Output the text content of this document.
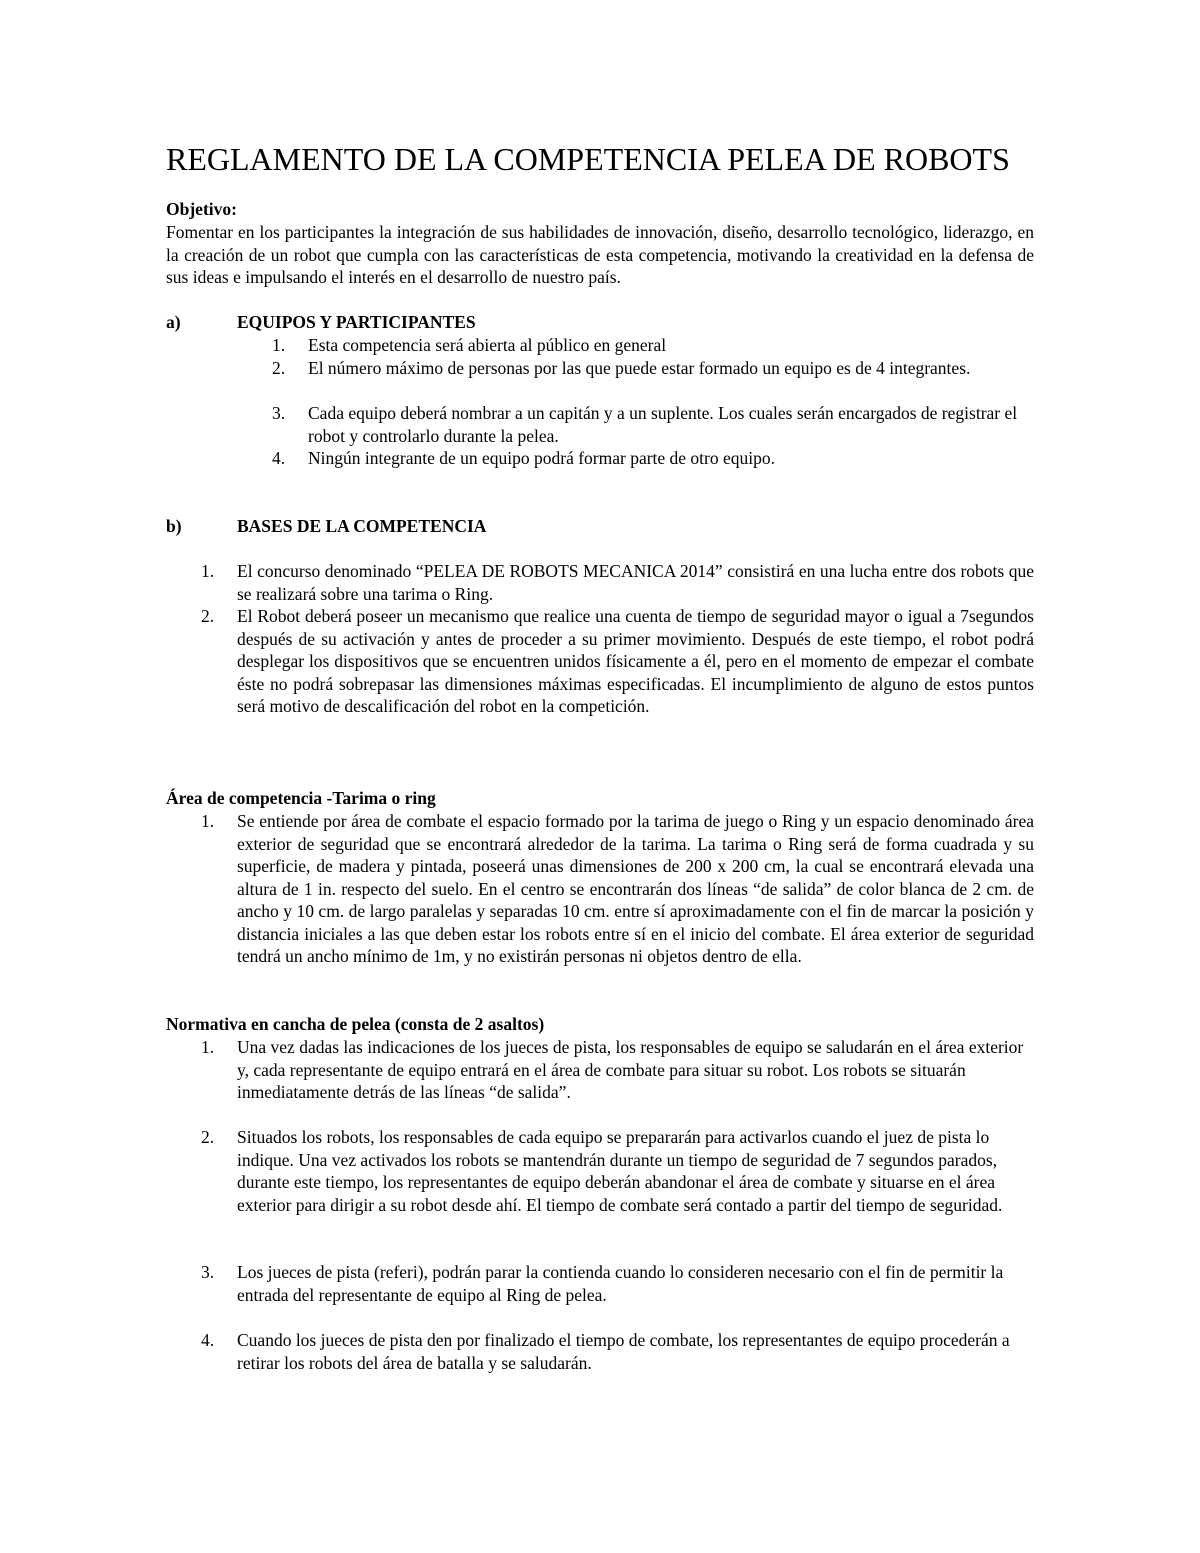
REGLAMENTO DE LA COMPETENCIA PELEA DE ROBOTS
Objetivo:

Fomentar en los participantes la integración de sus habilidades de innovación, diseño, desarrollo tecnológico, liderazgo, en la creación de un robot que cumpla con las características de esta competencia, motivando la creatividad en la defensa de sus ideas e impulsando el interés en el desarrollo de nuestro país.

a)	EQUIPOS Y PARTICIPANTES
1. Esta competencia será abierta al público en general
2. El número máximo de personas por las que puede estar formado un equipo es de 4 integrantes.
3. Cada equipo deberá nombrar a un capitán y a un suplente. Los cuales serán encargados de registrar el robot y controlarlo durante la pelea.
4. Ningún integrante de un equipo podrá formar parte de otro equipo.
b)	BASES DE LA COMPETENCIA
1. El concurso denominado “PELEA DE ROBOTS MECANICA 2014” consistirá en una lucha entre dos robots que se realizará sobre una tarima o Ring.
2. El Robot deberá poseer un mecanismo que realice una cuenta de tiempo de seguridad mayor o igual a 7segundos después de su activación y antes de proceder a su primer movimiento. Después de este tiempo, el robot podrá desplegar los dispositivos que se encuentren unidos físicamente a él, pero en el momento de empezar el combate éste no podrá sobrepasar las dimensiones máximas especificadas. El incumplimiento de alguno de estos puntos será motivo de descalificación del robot en la competición.
Área de competencia -Tarima o ring
1. Se entiende por área de combate el espacio formado por la tarima de juego o Ring y un espacio denominado área exterior de seguridad que se encontrará alrededor de la tarima. La tarima o Ring será de forma cuadrada y su superficie, de madera y pintada, poseerá unas dimensiones de 200 x 200 cm, la cual se encontrará elevada una altura de 1 in. respecto del suelo. En el centro se encontrarán dos líneas “de salida” de color blanca de 2 cm. de ancho y 10 cm. de largo paralelas y separadas 10 cm. entre sí aproximadamente con el fin de marcar la posición y distancia iniciales a las que deben estar los robots entre sí en el inicio del combate. El área exterior de seguridad tendrá un ancho mínimo de 1m, y no existirán personas ni objetos dentro de ella.
Normativa en cancha de pelea (consta de 2 asaltos)
1. Una vez dadas las indicaciones de los jueces de pista, los responsables de equipo se saludarán en el área exterior y, cada representante de equipo entrará en el área de combate para situar su robot. Los robots se situarán inmediatamente detrás de las líneas “de salida”.
2. Situados los robots, los responsables de cada equipo se prepararán para activarlos cuando el juez de pista lo indique. Una vez activados los robots se mantendrán durante un tiempo de seguridad de 7 segundos parados, durante este tiempo, los representantes de equipo deberán abandonar el área de combate y situarse en el área exterior para dirigir a su robot desde ahí. El tiempo de combate será contado a partir del tiempo de seguridad.
3. Los jueces de pista (referi), podrán parar la contienda cuando lo consideren necesario con el fin de permitir la entrada del representante de equipo al Ring de pelea.
4. Cuando los jueces de pista den por finalizado el tiempo de combate, los representantes de equipo procederán a retirar los robots del área de batalla y se saludarán.
